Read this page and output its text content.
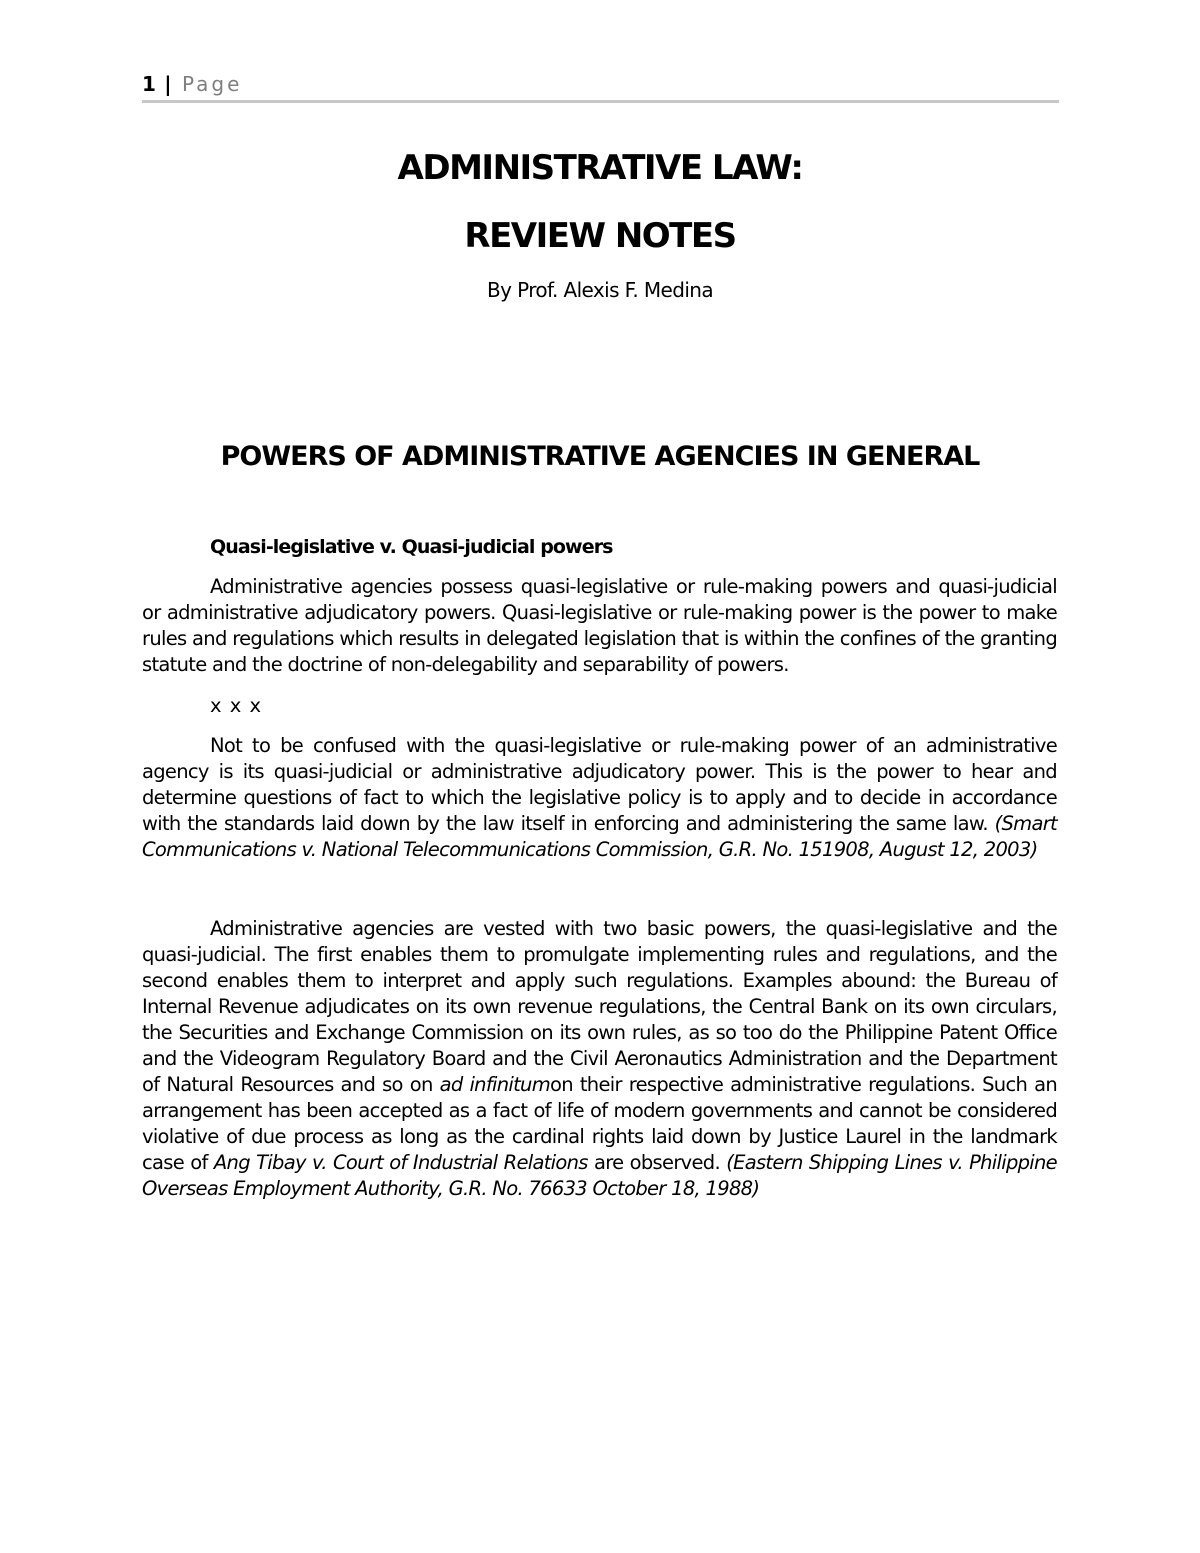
1 | Page
ADMINISTRATIVE LAW:
REVIEW NOTES
By Prof. Alexis F. Medina
POWERS OF ADMINISTRATIVE AGENCIES IN GENERAL
Quasi-legislative v. Quasi-judicial powers

Administrative agencies possess quasi-legislative or rule-making powers and quasi-judicial or administrative adjudicatory powers. Quasi-legislative or rule-making power is the power to make rules and regulations which results in delegated legislation that is within the confines of the granting statute and the doctrine of non-delegability and separability of powers.

x x x

Not to be confused with the quasi-legislative or rule-making power of an administrative agency is its quasi-judicial or administrative adjudicatory power. This is the power to hear and determine questions of fact to which the legislative policy is to apply and to decide in accordance with the standards laid down by the law itself in enforcing and administering the same law. (Smart Communications v. National Telecommunications Commission, G.R. No. 151908, August 12, 2003)

Administrative agencies are vested with two basic powers, the quasi-legislative and the quasi-judicial. The first enables them to promulgate implementing rules and regulations, and the second enables them to interpret and apply such regulations. Examples abound: the Bureau of Internal Revenue adjudicates on its own revenue regulations, the Central Bank on its own circulars, the Securities and Exchange Commission on its own rules, as so too do the Philippine Patent Office and the Videogram Regulatory Board and the Civil Aeronautics Administration and the Department of Natural Resources and so on ad infinitumon their respective administrative regulations. Such an arrangement has been accepted as a fact of life of modern governments and cannot be considered violative of due process as long as the cardinal rights laid down by Justice Laurel in the landmark case of Ang Tibay v. Court of Industrial Relations are observed. (Eastern Shipping Lines v. Philippine Overseas Employment Authority, G.R. No. 76633 October 18, 1988)
